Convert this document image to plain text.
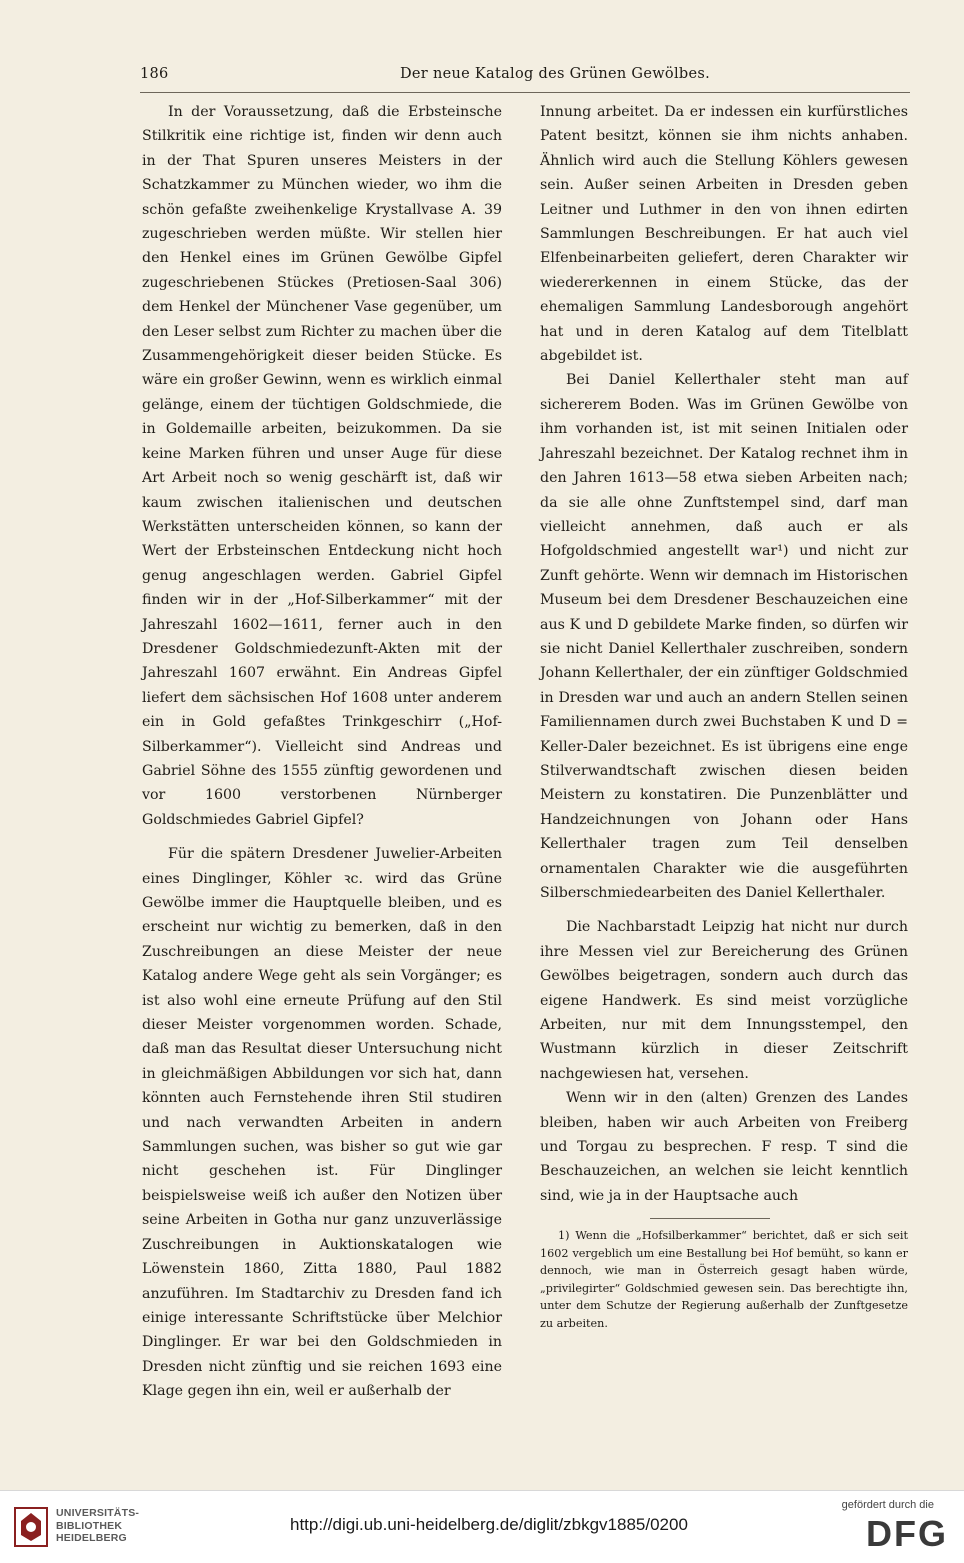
186	Der neue Katalog des Grünen Gewölbes.

In der Voraussetzung, daß die Erbsteinsche Stilkritik eine richtige ist, finden wir denn auch in der That Spuren unseres Meisters in der Schatzkammer zu München wieder, wo ihm die schön gefaßte zweihenkelige Krystallvase A. 39 zugeschrieben werden müßte. Wir stellen hier den Henkel eines im Grünen Gewölbe Gipfel zugeschriebenen Stückes (Pretiosen-Saal 306) dem Henkel der Münchener Vase gegenüber, um den Leser selbst zum Richter zu machen über die Zusammengehörigkeit dieser beiden Stücke. Es wäre ein großer Gewinn, wenn es wirklich einmal gelänge, einem der tüchtigen Goldschmiede, die in Goldemaille arbeiten, beizukommen. Da sie keine Marken führen und unser Auge für diese Art Arbeit noch so wenig geschärft ist, daß wir kaum zwischen italienischen und deutschen Werkstätten unterscheiden können, so kann der Wert der Erbsteinschen Entdeckung nicht hoch genug angeschlagen werden. Gabriel Gipfel finden wir in der „Hof-Silberkammer“ mit der Jahreszahl 1602—1611, ferner auch in den Dresdener Goldschmiedezunft-Akten mit der Jahreszahl 1607 erwähnt. Ein Andreas Gipfel liefert dem sächsischen Hof 1608 unter anderem ein in Gold gefaßtes Trinkgeschirr („Hof-Silberkammer“). Vielleicht sind Andreas und Gabriel Söhne des 1555 zünftig gewordenen und vor 1600 verstorbenen Nürnberger Goldschmiedes Gabriel Gipfel?

Für die spätern Dresdener Juwelier-Arbeiten eines Dinglinger, Köhler ꝛc. wird das Grüne Gewölbe immer die Hauptquelle bleiben, und es erscheint nur wichtig zu bemerken, daß in den Zuschreibungen an diese Meister der neue Katalog andere Wege geht als sein Vorgänger; es ist also wohl eine erneute Prüfung auf den Stil dieser Meister vorgenommen worden. Schade, daß man das Resultat dieser Untersuchung nicht in gleichmäßigen Abbildungen vor sich hat, dann könnten auch Fernstehende ihren Stil studiren und nach verwandten Arbeiten in andern Sammlungen suchen, was bisher so gut wie gar nicht geschehen ist. Für Dinglinger beispielsweise weiß ich außer den Notizen über seine Arbeiten in Gotha nur ganz unzuverlässige Zuschreibungen in Auktionskatalogen wie Löwenstein 1860, Zitta 1880, Paul 1882 anzuführen. Im Stadtarchiv zu Dresden fand ich einige interessante Schriftstücke über Melchior Dinglinger. Er war bei den Goldschmieden in Dresden nicht zünftig und sie reichen 1693 eine Klage gegen ihn ein, weil er außerhalb der

Innung arbeitet. Da er indessen ein kurfürstliches Patent besitzt, können sie ihm nichts anhaben. Ähnlich wird auch die Stellung Köhlers gewesen sein. Außer seinen Arbeiten in Dresden geben Leitner und Luthmer in den von ihnen edirten Sammlungen Beschreibungen. Er hat auch viel Elfenbeinarbeiten geliefert, deren Charakter wir wiedererkennen in einem Stücke, das der ehemaligen Sammlung Landesborough angehört hat und in deren Katalog auf dem Titelblatt abgebildet ist.

Bei Daniel Kellerthaler steht man auf sichererem Boden. Was im Grünen Gewölbe von ihm vorhanden ist, ist mit seinen Initialen oder Jahreszahl bezeichnet. Der Katalog rechnet ihm in den Jahren 1613—58 etwa sieben Arbeiten nach; da sie alle ohne Zunftstempel sind, darf man vielleicht annehmen, daß auch er als Hofgoldschmied angestellt war¹) und nicht zur Zunft gehörte. Wenn wir demnach im Historischen Museum bei dem Dresdener Beschauzeichen eine aus K und D gebildete Marke finden, so dürfen wir sie nicht Daniel Kellerthaler zuschreiben, sondern Johann Kellerthaler, der ein zünftiger Goldschmied in Dresden war und auch an andern Stellen seinen Familiennamen durch zwei Buchstaben K und D = Keller-Daler bezeichnet. Es ist übrigens eine enge Stilverwandtschaft zwischen diesen beiden Meistern zu konstatiren. Die Punzenblätter und Handzeichnungen von Johann oder Hans Kellerthaler tragen zum Teil denselben ornamentalen Charakter wie die ausgeführten Silberschmiedearbeiten des Daniel Kellerthaler.

Die Nachbarstadt Leipzig hat nicht nur durch ihre Messen viel zur Bereicherung des Grünen Gewölbes beigetragen, sondern auch durch das eigene Handwerk. Es sind meist vorzügliche Arbeiten, nur mit dem Innungsstempel, den Wustmann kürzlich in dieser Zeitschrift nachgewiesen hat, versehen.

Wenn wir in den (alten) Grenzen des Landes bleiben, haben wir auch Arbeiten von Freiberg und Torgau zu besprechen. F resp. T sind die Beschauzeichen, an welchen sie leicht kenntlich sind, wie ja in der Hauptsache auch

1) Wenn die „Hofsilberkammer“ berichtet, daß er sich seit 1602 vergeblich um eine Bestallung bei Hof bemüht, so kann er dennoch, wie man in Österreich gesagt haben würde, „privilegirter“ Goldschmied gewesen sein. Das berechtigte ihn, unter dem Schutze der Regierung außerhalb der Zunftgesetze zu arbeiten.

UNIVERSITÄTS-
BIBLIOTHEK
HEIDELBERG
http://digi.ub.uni-heidelberg.de/diglit/zbkgv1885/0200
gefördert durch die
DFG
